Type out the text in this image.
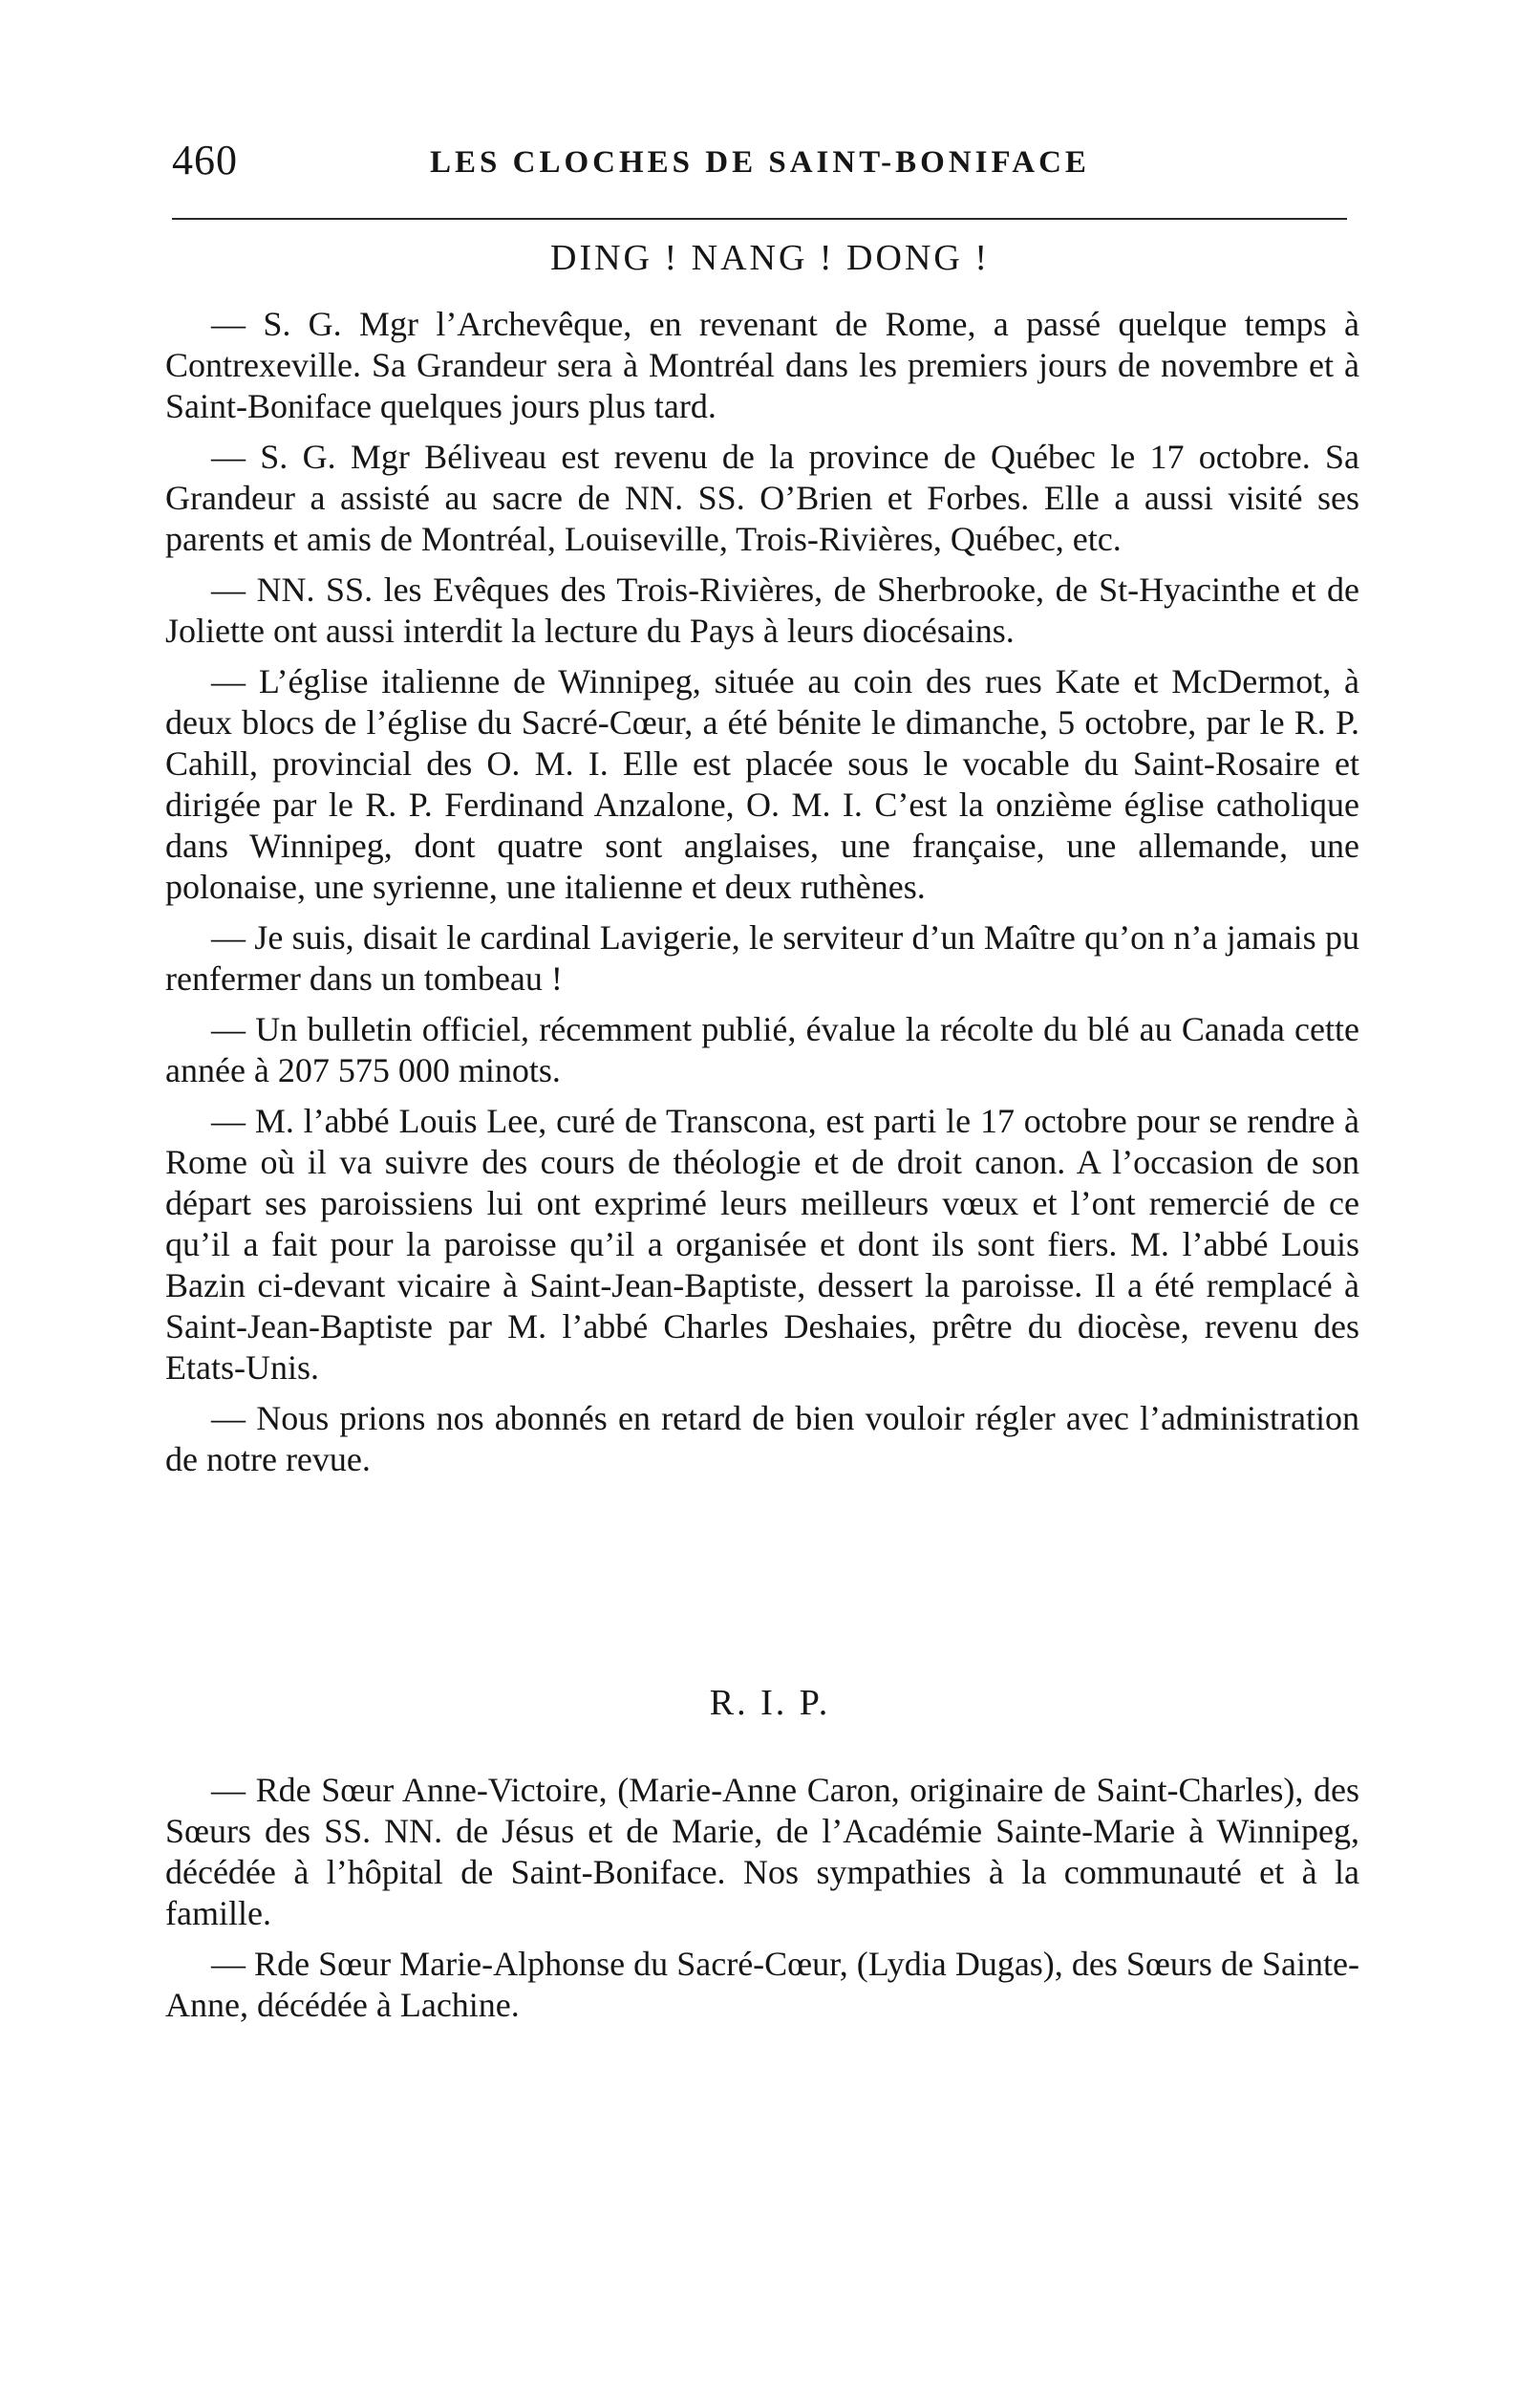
460	LES CLOCHES DE SAINT-BONIFACE
DING ! NANG ! DONG !

— S. G. Mgr l’Archevêque, en revenant de Rome, a passé quelque temps à Contrexeville. Sa Grandeur sera à Montréal dans les premiers jours de novembre et à Saint-Boniface quelques jours plus tard.

— S. G. Mgr Béliveau est revenu de la province de Québec le 17 octobre. Sa Grandeur a assisté au sacre de NN. SS. O’Brien et Forbes. Elle a aussi visité ses parents et amis de Montréal, Louiseville, Trois-Rivières, Québec, etc.

— NN. SS. les Evêques des Trois-Rivières, de Sherbrooke, de St-Hyacinthe et de Joliette ont aussi interdit la lecture du Pays à leurs diocésains.

— L’église italienne de Winnipeg, située au coin des rues Kate et McDermot, à deux blocs de l’église du Sacré-Cœur, a été bénite le dimanche, 5 octobre, par le R. P. Cahill, provincial des O. M. I. Elle est placée sous le vocable du Saint-Rosaire et dirigée par le R. P. Ferdinand Anzalone, O. M. I. C’est la onzième église catholique dans Winnipeg, dont quatre sont anglaises, une française, une allemande, une polonaise, une syrienne, une italienne et deux ruthènes.

— Je suis, disait le cardinal Lavigerie, le serviteur d’un Maître qu’on n’a jamais pu renfermer dans un tombeau !

— Un bulletin officiel, récemment publié, évalue la récolte du blé au Canada cette année à 207 575 000 minots.

— M. l’abbé Louis Lee, curé de Transcona, est parti le 17 octobre pour se rendre à Rome où il va suivre des cours de théologie et de droit canon. A l’occasion de son départ ses paroissiens lui ont exprimé leurs meilleurs vœux et l’ont remercié de ce qu’il a fait pour la paroisse qu’il a organisée et dont ils sont fiers. M. l’abbé Louis Bazin ci-devant vicaire à Saint-Jean-Baptiste, dessert la paroisse. Il a été remplacé à Saint-Jean-Baptiste par M. l’abbé Charles Deshaies, prêtre du diocèse, revenu des Etats-Unis.

— Nous prions nos abonnés en retard de bien vouloir régler avec l’administration de notre revue.

R. I. P.

— Rde Sœur Anne-Victoire, (Marie-Anne Caron, originaire de Saint-Charles), des Sœurs des SS. NN. de Jésus et de Marie, de l’Académie Sainte-Marie à Winnipeg, décédée à l’hôpital de Saint-Boniface. Nos sympathies à la communauté et à la famille.

— Rde Sœur Marie-Alphonse du Sacré-Cœur, (Lydia Dugas), des Sœurs de Sainte-Anne, décédée à Lachine.
